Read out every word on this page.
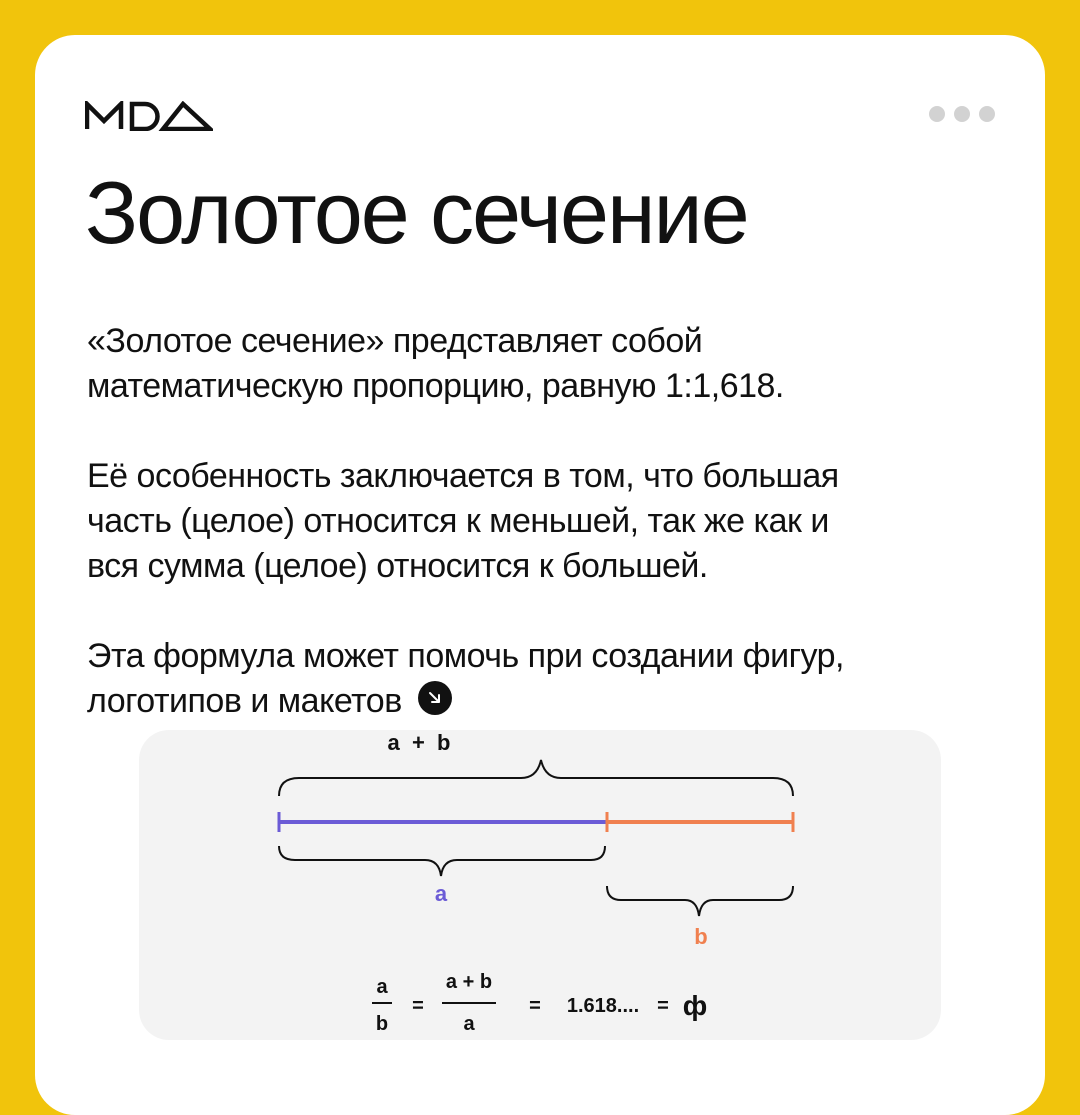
Золотое сечение

«Золотое сечение» представляет собой
математическую пропорцию, равную 1:1,618.

Её особенность заключается в том, что большая
часть (целое) относится к меньшей, так же как и
вся сумма (целое) относится к большей.

Эта формула может помочь при создании фигур,
логотипов и макетов

a  +  b
a
b
a
b
=
a + b
a
= 1.618.... = ф
